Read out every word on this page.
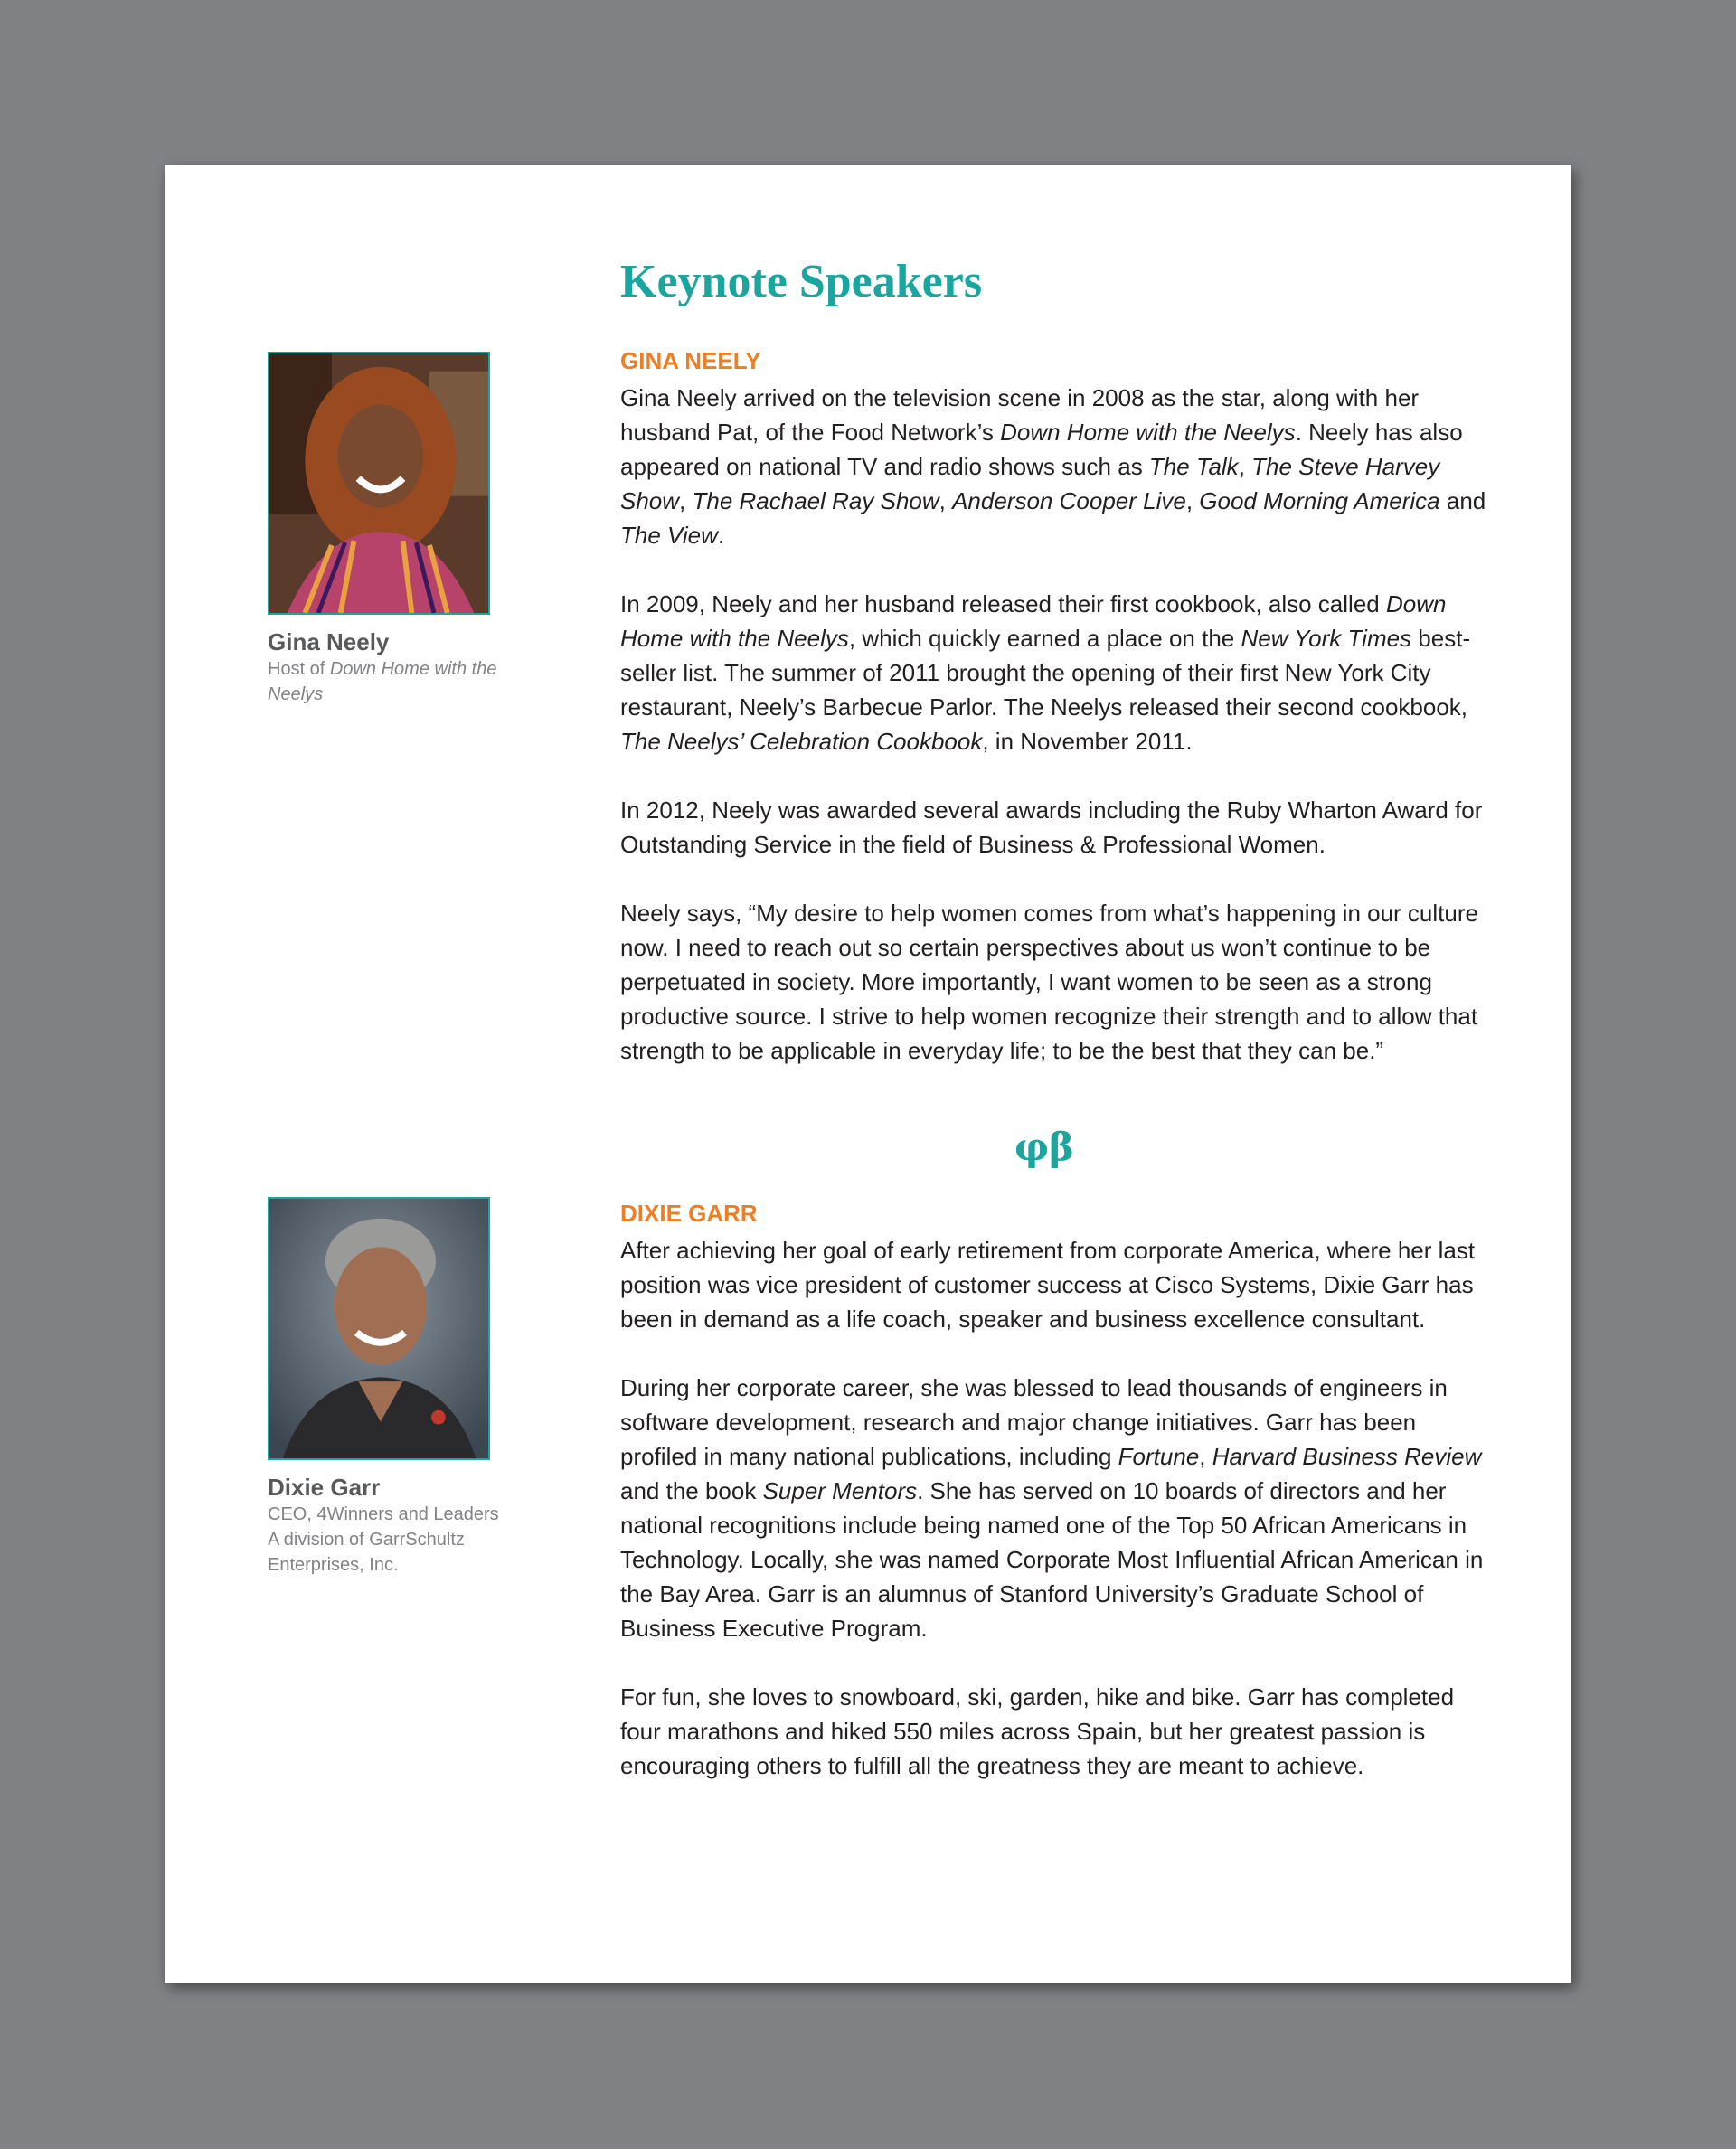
Keynote Speakers
Gina Neely
Host of Down Home with the Neelys
GINA NEELY

Gina Neely arrived on the television scene in 2008 as the star, along with her husband Pat, of the Food Network’s Down Home with the Neelys. Neely has also appeared on national TV and radio shows such as The Talk, The Steve Harvey Show, The Rachael Ray Show, Anderson Cooper Live, Good Morning America and The View.

In 2009, Neely and her husband released their first cookbook, also called Down Home with the Neelys, which quickly earned a place on the New York Times best-seller list. The summer of 2011 brought the opening of their first New York City restaurant, Neely’s Barbecue Parlor. The Neelys released their second cookbook, The Neelys’ Celebration Cookbook, in November 2011.

In 2012, Neely was awarded several awards including the Ruby Wharton Award for Outstanding Service in the field of Business & Professional Women.

Neely says, “My desire to help women comes from what’s happening in our culture now. I need to reach out so certain perspectives about us won’t continue to be perpetuated in society. More importantly, I want women to be seen as a strong productive source. I strive to help women recognize their strength and to allow that strength to be applicable in everyday life; to be the best that they can be.”

φβ
Dixie Garr
CEO, 4Winners and Leaders
A division of GarrSchultz Enterprises, Inc.
DIXIE GARR

After achieving her goal of early retirement from corporate America, where her last position was vice president of customer success at Cisco Systems, Dixie Garr has been in demand as a life coach, speaker and business excellence consultant.

During her corporate career, she was blessed to lead thousands of engineers in software development, research and major change initiatives. Garr has been profiled in many national publications, including Fortune, Harvard Business Review and the book Super Mentors. She has served on 10 boards of directors and her national recognitions include being named one of the Top 50 African Americans in Technology. Locally, she was named Corporate Most Influential African American in the Bay Area. Garr is an alumnus of Stanford University’s Graduate School of Business Executive Program.

For fun, she loves to snowboard, ski, garden, hike and bike. Garr has completed four marathons and hiked 550 miles across Spain, but her greatest passion is encouraging others to fulfill all the greatness they are meant to achieve.
